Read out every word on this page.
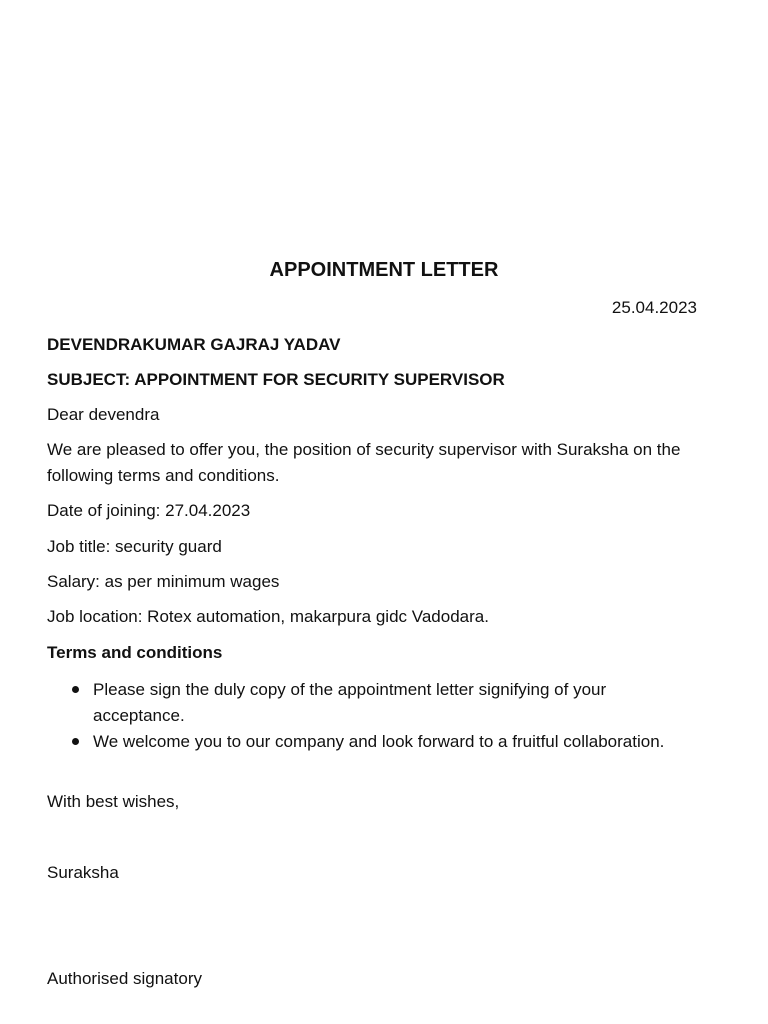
APPOINTMENT LETTER
25.04.2023
DEVENDRAKUMAR GAJRAJ YADAV
SUBJECT: APPOINTMENT FOR SECURITY SUPERVISOR
Dear devendra
We are pleased to offer you, the position of security supervisor with Suraksha on the following terms and conditions.
Date of joining: 27.04.2023
Job title: security guard
Salary: as per minimum wages
Job location: Rotex automation, makarpura gidc Vadodara.
Terms and conditions
Please sign the duly copy of the appointment letter signifying of your acceptance.
We welcome you to our company and look forward to a fruitful collaboration.
With best wishes,
Suraksha
Authorised signatory
